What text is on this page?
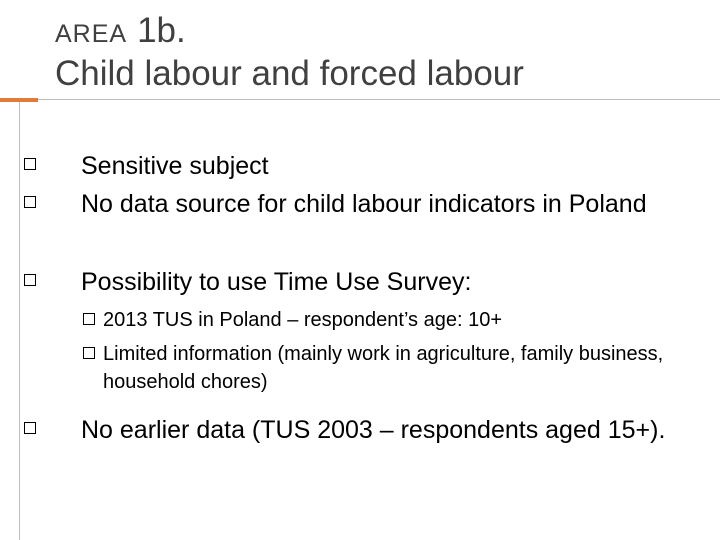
AREA 1b.
Child labour and forced labour
Sensitive subject
No data source for child labour indicators in Poland
Possibility to use Time Use Survey:
2013 TUS in Poland – respondent’s age: 10+
Limited information (mainly work in agriculture, family business, household chores)
No earlier data (TUS 2003 – respondents aged 15+).
